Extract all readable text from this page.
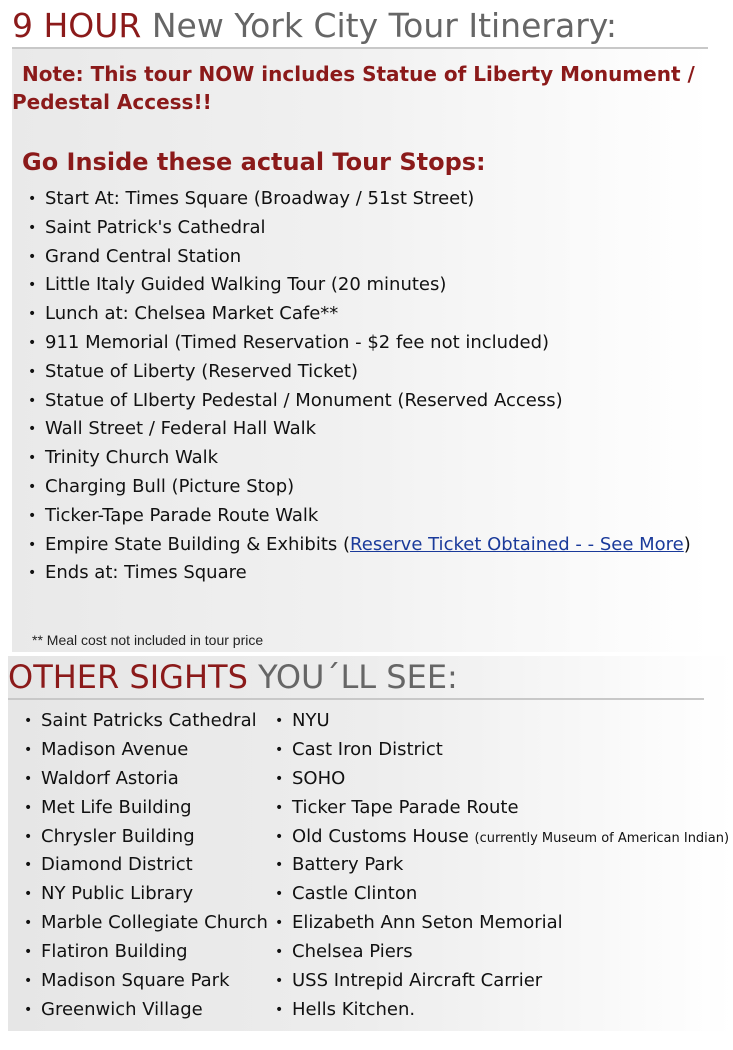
9 HOUR New York City Tour Itinerary:

Note: This tour NOW includes Statue of Liberty Monument / Pedestal Access!!

Go Inside these actual Tour Stops:
• Start At: Times Square (Broadway / 51st Street)
• Saint Patrick's Cathedral
• Grand Central Station
• Little Italy Guided Walking Tour (20 minutes)
• Lunch at: Chelsea Market Cafe**
• 911 Memorial (Timed Reservation - $2 fee not included)
• Statue of Liberty (Reserved Ticket)
• Statue of LIberty Pedestal / Monument (Reserved Access)
• Wall Street / Federal Hall Walk
• Trinity Church Walk
• Charging Bull (Picture Stop)
• Ticker-Tape Parade Route Walk
• Empire State Building & Exhibits (Reserve Ticket Obtained - - See More)
• Ends at: Times Square

** Meal cost not included in tour price

OTHER SIGHTS YOU´LL SEE:
• Saint Patricks Cathedral
• Madison Avenue
• Waldorf Astoria
• Met Life Building
• Chrysler Building
• Diamond District
• NY Public Library
• Marble Collegiate Church
• Flatiron Building
• Madison Square Park
• Greenwich Village
• NYU
• Cast Iron District
• SOHO
• Ticker Tape Parade Route
• Old Customs House (currently Museum of American Indian)
• Battery Park
• Castle Clinton
• Elizabeth Ann Seton Memorial
• Chelsea Piers
• USS Intrepid Aircraft Carrier
• Hells Kitchen.
